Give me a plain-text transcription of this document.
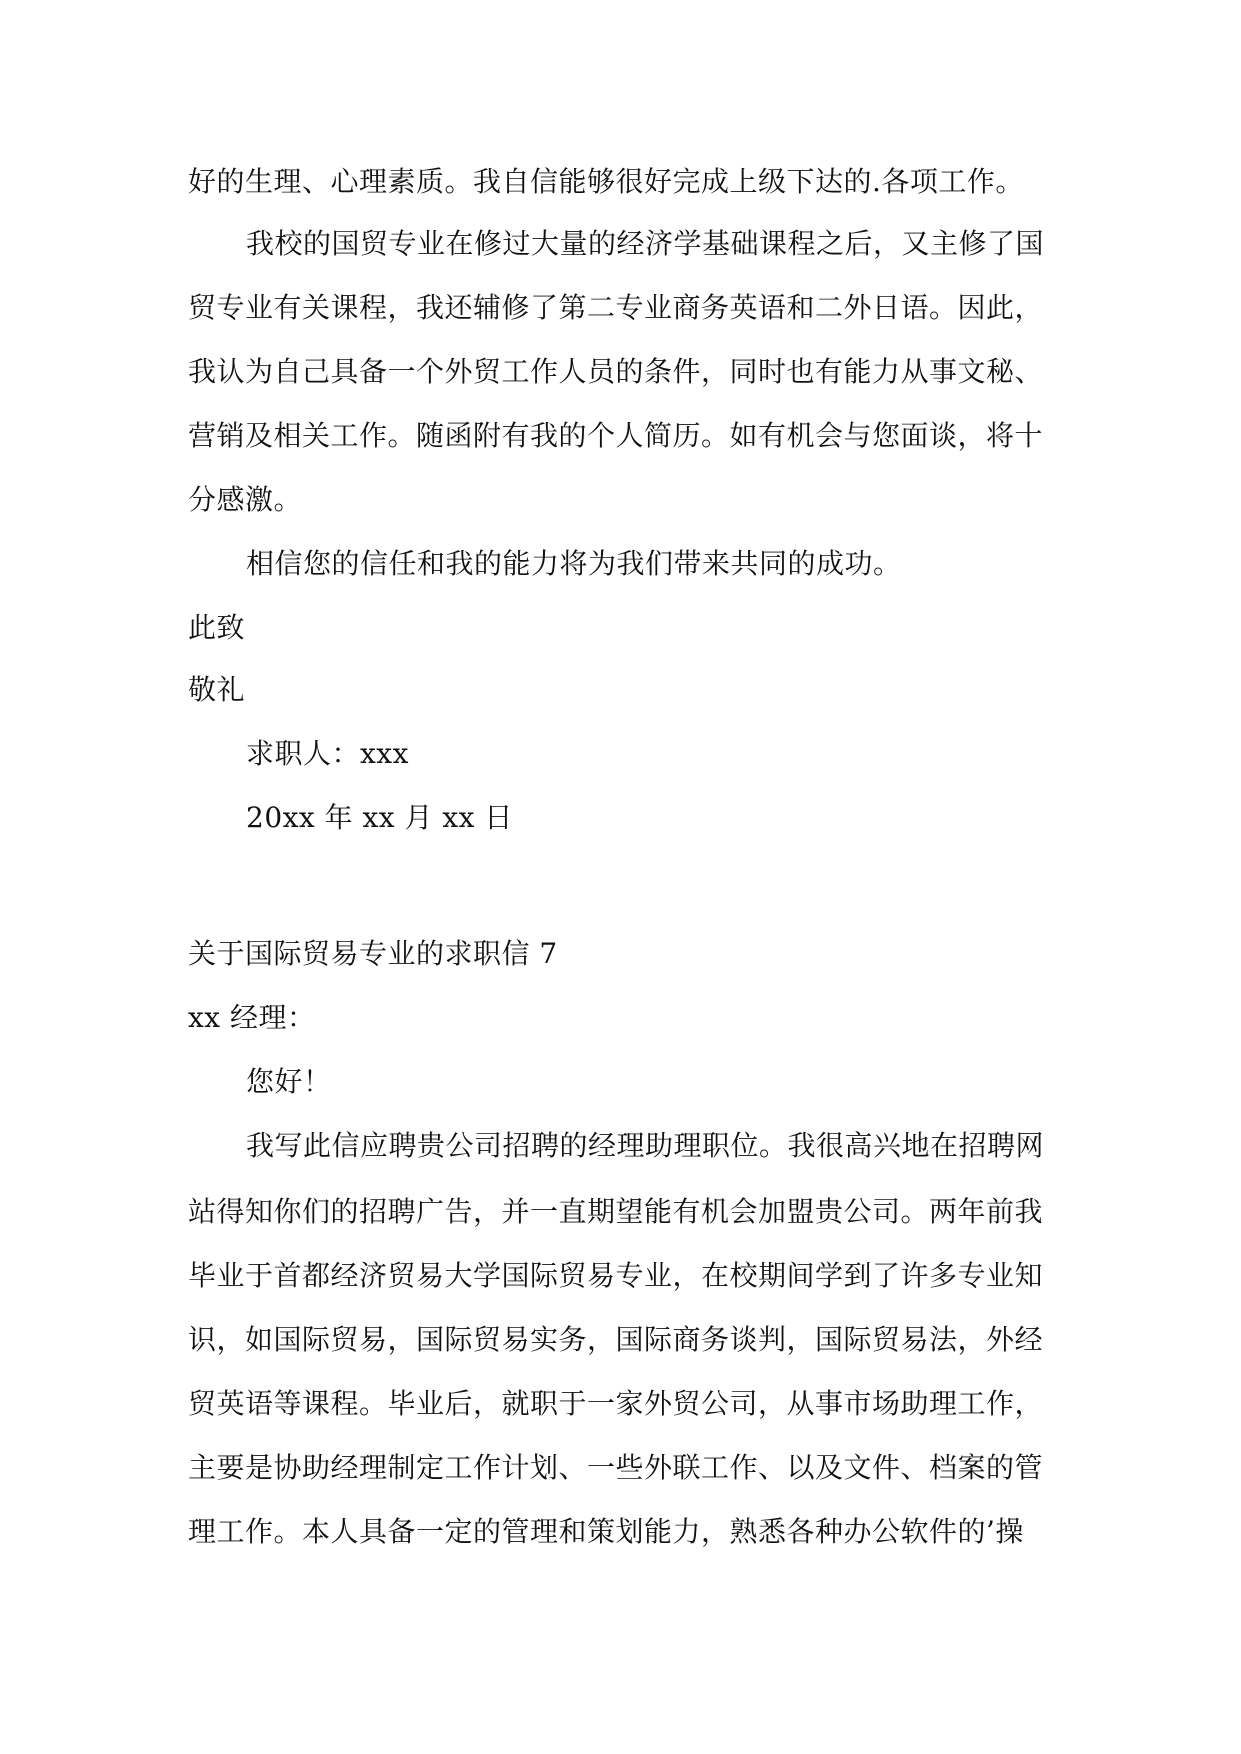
好的生理、心理素质。我自信能够很好完成上级下达的.各项工作。
我校的国贸专业在修过大量的经济学基础课程之后，又主修了国
贸专业有关课程，我还辅修了第二专业商务英语和二外日语。因此，
我认为自己具备一个外贸工作人员的条件，同时也有能力从事文秘、
营销及相关工作。随函附有我的个人简历。如有机会与您面谈，将十
分感激。
相信您的信任和我的能力将为我们带来共同的成功。
此致
敬礼
求职人：xxx
20xx 年 xx 月 xx 日
关于国际贸易专业的求职信 7
xx 经理：
您好！
我写此信应聘贵公司招聘的经理助理职位。我很高兴地在招聘网
站得知你们的招聘广告，并一直期望能有机会加盟贵公司。两年前我
毕业于首都经济贸易大学国际贸易专业，在校期间学到了许多专业知
识，如国际贸易，国际贸易实务，国际商务谈判，国际贸易法，外经
贸英语等课程。毕业后，就职于一家外贸公司，从事市场助理工作，
主要是协助经理制定工作计划、一些外联工作、以及文件、档案的管
理工作。本人具备一定的管理和策划能力，熟悉各种办公软件的’操
